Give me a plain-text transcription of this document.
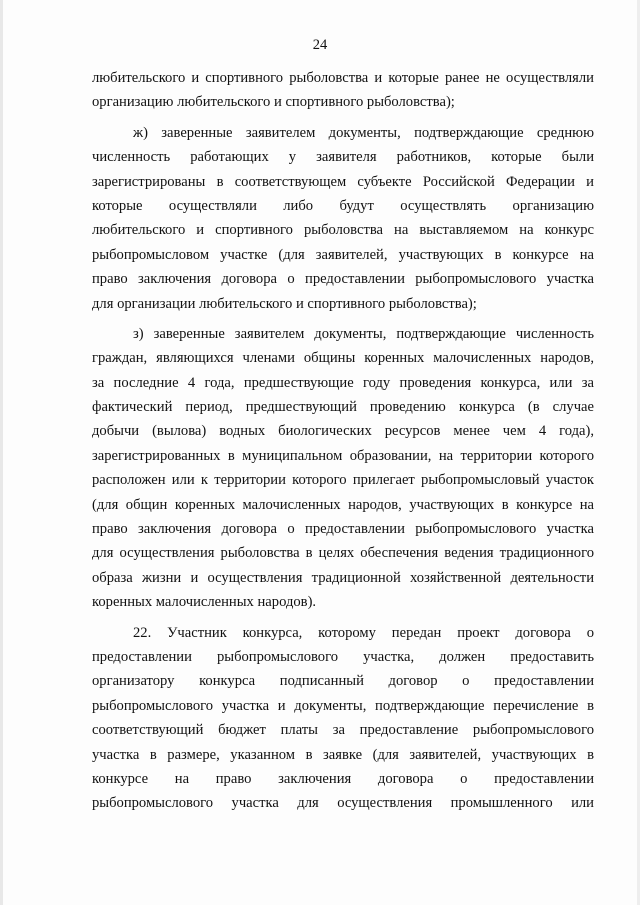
24
любительского и спортивного рыболовства и которые ранее не осуществляли
организацию любительского и спортивного рыболовства);
ж) заверенные заявителем документы, подтверждающие среднюю
численность работающих у заявителя работников, которые были
зарегистрированы в соответствующем субъекте Российской Федерации и
которые осуществляли либо будут осуществлять организацию
любительского и спортивного рыболовства на выставляемом на конкурс
рыбопромысловом участке (для заявителей, участвующих в конкурсе на
право заключения договора о предоставлении рыбопромыслового участка
для организации любительского и спортивного рыболовства);
з) заверенные заявителем документы, подтверждающие численность
граждан, являющихся членами общины коренных малочисленных народов,
за последние 4 года, предшествующие году проведения конкурса, или за
фактический период, предшествующий проведению конкурса (в случае
добычи (вылова) водных биологических ресурсов менее чем 4 года),
зарегистрированных в муниципальном образовании, на территории которого
расположен или к территории которого прилегает рыбопромысловый участок
(для общин коренных малочисленных народов, участвующих в конкурсе на
право заключения договора о предоставлении рыбопромыслового участка
для осуществления рыболовства в целях обеспечения ведения традиционного
образа жизни и осуществления традиционной хозяйственной деятельности
коренных малочисленных народов).
22. Участник конкурса, которому передан проект договора о
предоставлении рыбопромыслового участка, должен предоставить
организатору конкурса подписанный договор о предоставлении
рыбопромыслового участка и документы, подтверждающие перечисление в
соответствующий бюджет платы за предоставление рыбопромыслового
участка в размере, указанном в заявке (для заявителей, участвующих в
конкурсе на право заключения договора о предоставлении
рыбопромыслового участка для осуществления промышленного или
